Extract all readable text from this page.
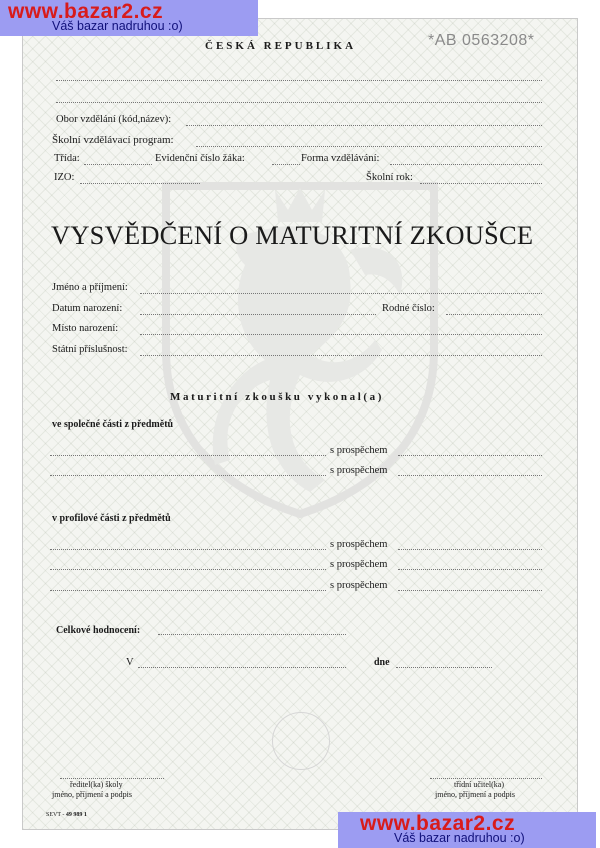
www.bazar2.cz
Váš bazar nadruhou :o)
www.bazar2.cz
Váš bazar nadruhou :o)
ČESKÁ REPUBLIKA	*AB 0563208*
Obor vzdělání (kód,název):
Školní vzdělávací program:
Třída:	Evidenční číslo žáka:	Forma vzdělávání:
IZO:	Školní rok:
VYSVĚDČENÍ O MATURITNÍ ZKOUŠCE
Jméno a příjmení:
Datum narození:	Rodné číslo:
Místo narození:
Státní příslušnost:
Maturitní zkoušku vykonal(a)
ve společné části z předmětů
s prospěchem
s prospěchem
v profilové části z předmětů
s prospěchem
s prospěchem
s prospěchem
Celkové hodnocení:
V	dne
ředitel(ka) školy
jméno, příjmení a podpis
třídní učitel(ka)
jméno, příjmení a podpis
SEVT - 49 989 1
